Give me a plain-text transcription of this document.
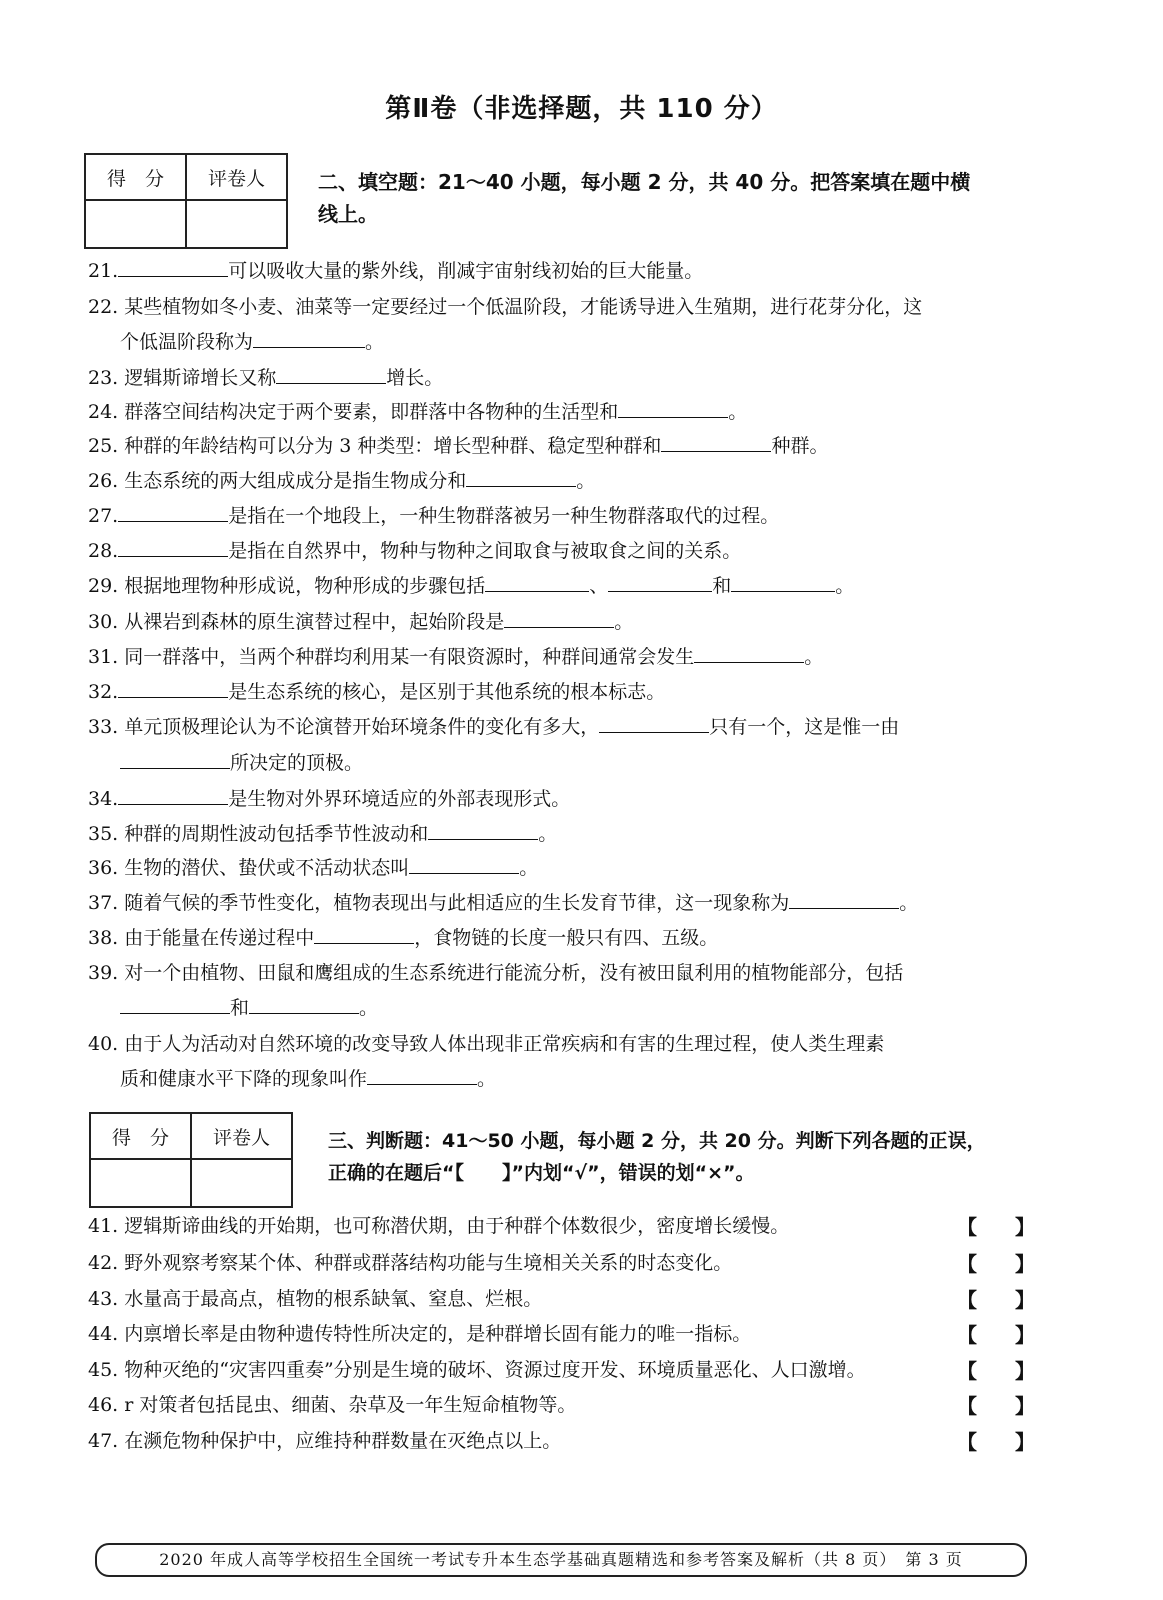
第Ⅱ卷（非选择题，共 110 分）
得　分	评卷人
		二、填空题：21～40 小题，每小题 2 分，共 40 分。把答案填在题中横
线上。
21.	可以吸收大量的紫外线，削减宇宙射线初始的巨大能量。
22. 某些植物如冬小麦、油菜等一定要经过一个低温阶段，才能诱导进入生殖期，进行花芽分化，这
个低温阶段称为	。
23. 逻辑斯谛增长又称	增长。
24. 群落空间结构决定于两个要素，即群落中各物种的生活型和	。
25. 种群的年龄结构可以分为 3 种类型：增长型种群、稳定型种群和	种群。
26. 生态系统的两大组成成分是指生物成分和	。
27.	是指在一个地段上，一种生物群落被另一种生物群落取代的过程。
28.	是指在自然界中，物种与物种之间取食与被取食之间的关系。
29. 根据地理物种形成说，物种形成的步骤包括	、	和	。
30. 从裸岩到森林的原生演替过程中，起始阶段是	。
31. 同一群落中，当两个种群均利用某一有限资源时，种群间通常会发生	。
32.	是生态系统的核心，是区别于其他系统的根本标志。
33. 单元顶极理论认为不论演替开始环境条件的变化有多大，	只有一个，这是惟一由
所决定的顶极。
34.	是生物对外界环境适应的外部表现形式。
35. 种群的周期性波动包括季节性波动和	。
36. 生物的潜伏、蛰伏或不活动状态叫	。
37. 随着气候的季节性变化，植物表现出与此相适应的生长发育节律，这一现象称为	。
38. 由于能量在传递过程中	，食物链的长度一般只有四、五级。
39. 对一个由植物、田鼠和鹰组成的生态系统进行能流分析，没有被田鼠利用的植物能部分，包括
和	。
40. 由于人为活动对自然环境的改变导致人体出现非正常疾病和有害的生理过程，使人类生理素
质和健康水平下降的现象叫作	。
得　分	评卷人
		三、判断题：41～50 小题，每小题 2 分，共 20 分。判断下列各题的正误，
正确的在题后“【　　】”内划“√”，错误的划“×”。
41. 逻辑斯谛曲线的开始期，也可称潜伏期，由于种群个体数很少，密度增长缓慢。	【 】
42. 野外观察考察某个体、种群或群落结构功能与生境相关关系的时态变化。	【 】
43. 水量高于最高点，植物的根系缺氧、窒息、烂根。	【 】
44. 内禀增长率是由物种遗传特性所决定的，是种群增长固有能力的唯一指标。	【 】
45. 物种灭绝的“灾害四重奏”分别是生境的破坏、资源过度开发、环境质量恶化、人口激增。	【 】
46. r 对策者包括昆虫、细菌、杂草及一年生短命植物等。	【 】
47. 在濒危物种保护中，应维持种群数量在灭绝点以上。	【 】
2020 年成人高等学校招生全国统一考试专升本生态学基础真题精选和参考答案及解析（共 8 页）　第 3 页
